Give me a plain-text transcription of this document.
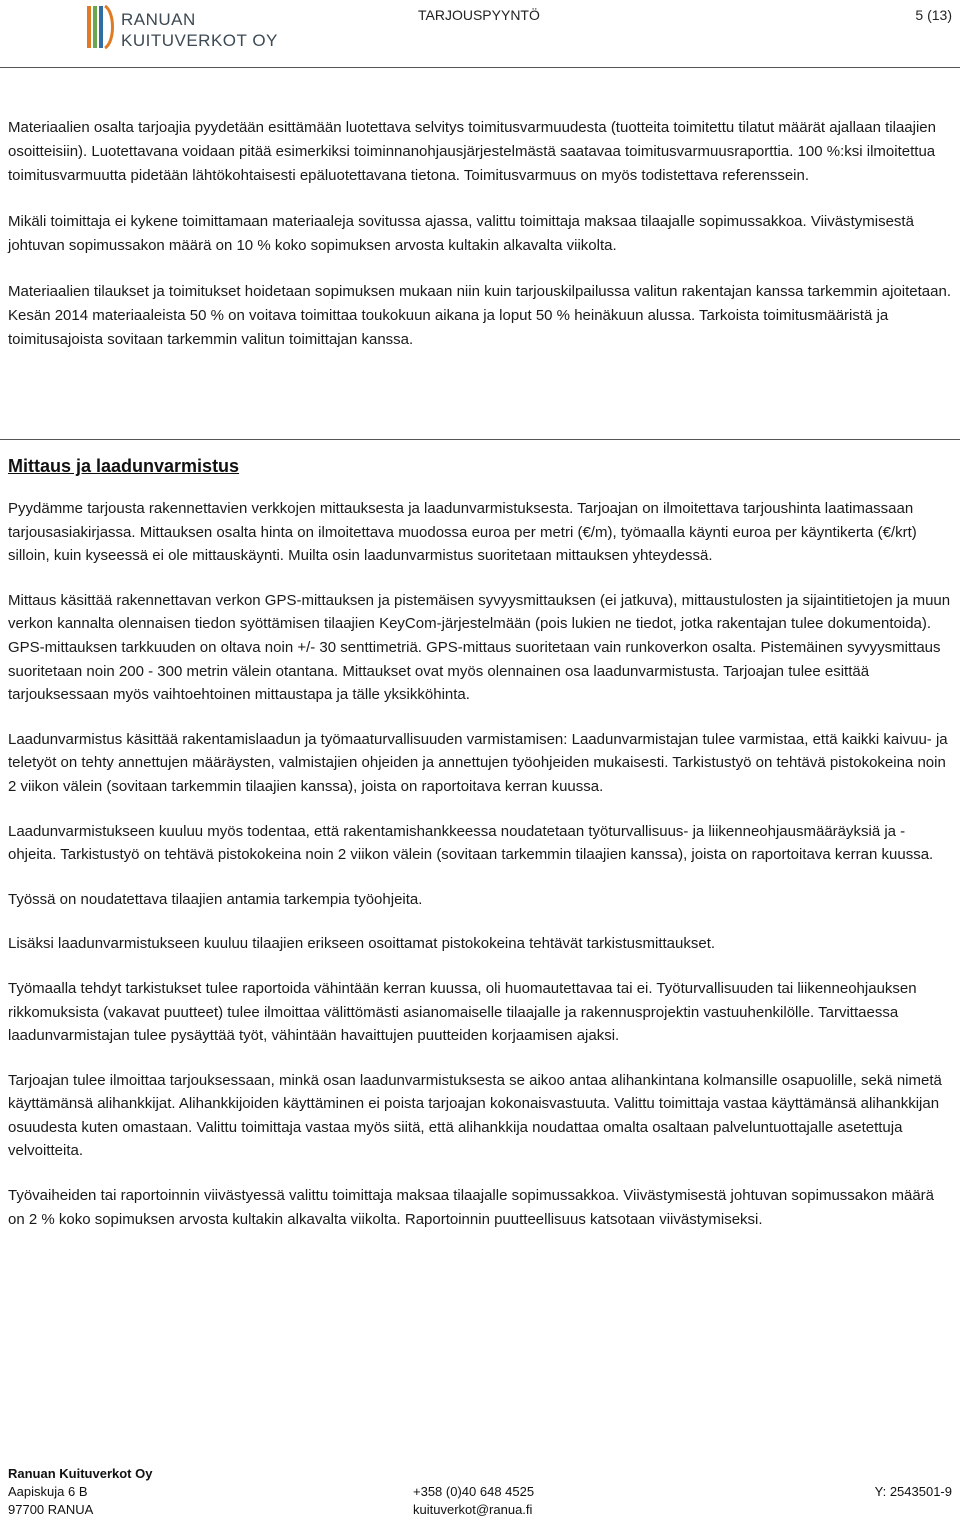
RANUAN
KUITUVERKOT OY
TARJOUSPYYNTÖ	5 (13)

Materiaalien osalta tarjoajia pyydetään esittämään luotettava selvitys toimitusvarmuudesta (tuotteita toimitettu tilatut määrät ajallaan tilaajien osoitteisiin). Luotettavana voidaan pitää esimerkiksi toiminnanohjausjärjestelmästä saatavaa toimitusvarmuusraporttia. 100 %:ksi ilmoitettua toimitusvarmuutta pidetään lähtökohtaisesti epäluotettavana tietona. Toimitusvarmuus on myös todistettava referenssein.

Mikäli toimittaja ei kykene toimittamaan materiaaleja sovitussa ajassa, valittu toimittaja maksaa tilaajalle sopimussakkoa. Viivästymisestä johtuvan sopimussakon määrä on 10 % koko sopimuksen arvosta kultakin alkavalta viikolta.

Materiaalien tilaukset ja toimitukset hoidetaan sopimuksen mukaan niin kuin tarjouskilpailussa valitun rakentajan kanssa tarkemmin ajoitetaan. Kesän 2014 materiaaleista 50 % on voitava toimittaa toukokuun aikana ja loput 50 % heinäkuun alussa. Tarkoista toimitusmääristä ja toimitusajoista sovitaan tarkemmin valitun toimittajan kanssa.

Mittaus ja laadunvarmistus

Pyydämme tarjousta rakennettavien verkkojen mittauksesta ja laadunvarmistuksesta. Tarjoajan on ilmoitettava tarjoushinta laatimassaan tarjousasiakirjassa. Mittauksen osalta hinta on ilmoitettava muodossa euroa per metri (€/m), työmaalla käynti euroa per käyntikerta (€/krt) silloin, kuin kyseessä ei ole mittauskäynti. Muilta osin laadunvarmistus suoritetaan mittauksen yhteydessä.

Mittaus käsittää rakennettavan verkon GPS-mittauksen ja pistemäisen syvyysmittauksen (ei jatkuva), mittaustulosten ja sijaintitietojen ja muun verkon kannalta olennaisen tiedon syöttämisen tilaajien KeyCom-järjestelmään (pois lukien ne tiedot, jotka rakentajan tulee dokumentoida). GPS-mittauksen tarkkuuden on oltava noin +/- 30 senttimetriä. GPS-mittaus suoritetaan vain runkoverkon osalta. Pistemäinen syvyysmittaus suoritetaan noin 200 - 300 metrin välein otantana. Mittaukset ovat myös olennainen osa laadunvarmistusta. Tarjoajan tulee esittää tarjouksessaan myös vaihtoehtoinen mittaustapa ja tälle yksikköhinta.

Laadunvarmistus käsittää rakentamislaadun ja työmaaturvallisuuden varmistamisen: Laadunvarmistajan tulee varmistaa, että kaikki kaivuu- ja teletyöt on tehty annettujen määräysten, valmistajien ohjeiden ja annettujen työohjeiden mukaisesti. Tarkistustyö on tehtävä pistokokeina noin 2 viikon välein (sovitaan tarkemmin tilaajien kanssa), joista on raportoitava kerran kuussa.

Laadunvarmistukseen kuuluu myös todentaa, että rakentamishankkeessa noudatetaan työturvallisuus- ja liikenneohjausmääräyksiä ja -ohjeita. Tarkistustyö on tehtävä pistokokeina noin 2 viikon välein (sovitaan tarkemmin tilaajien kanssa), joista on raportoitava kerran kuussa.

Työssä on noudatettava tilaajien antamia tarkempia työohjeita.

Lisäksi laadunvarmistukseen kuuluu tilaajien erikseen osoittamat pistokokeina tehtävät tarkistusmittaukset.

Työmaalla tehdyt tarkistukset tulee raportoida vähintään kerran kuussa, oli huomautettavaa tai ei. Työturvallisuuden tai liikenneohjauksen rikkomuksista (vakavat puutteet) tulee ilmoittaa välittömästi asianomaiselle tilaajalle ja rakennusprojektin vastuuhenkilölle. Tarvittaessa laadunvarmistajan tulee pysäyttää työt, vähintään havaittujen puutteiden korjaamisen ajaksi.

Tarjoajan tulee ilmoittaa tarjouksessaan, minkä osan laadunvarmistuksesta se aikoo antaa alihankintana kolmansille osapuolille, sekä nimetä käyttämänsä alihankkijat. Alihankkijoiden käyttäminen ei poista tarjoajan kokonaisvastuuta. Valittu toimittaja vastaa käyttämänsä alihankkijan osuudesta kuten omastaan. Valittu toimittaja vastaa myös siitä, että alihankkija noudattaa omalta osaltaan palveluntuottajalle asetettuja velvoitteita.

Työvaiheiden tai raportoinnin viivästyessä valittu toimittaja maksaa tilaajalle sopimussakkoa. Viivästymisestä johtuvan sopimussakon määrä on 2 % koko sopimuksen arvosta kultakin alkavalta viikolta. Raportoinnin puutteellisuus katsotaan viivästymiseksi.

Ranuan Kuituverkot Oy
Aapiskuja 6 B
97700 RANUA
+358 (0)40 648 4525
kuituverkot@ranua.fi
Y: 2543501-9
